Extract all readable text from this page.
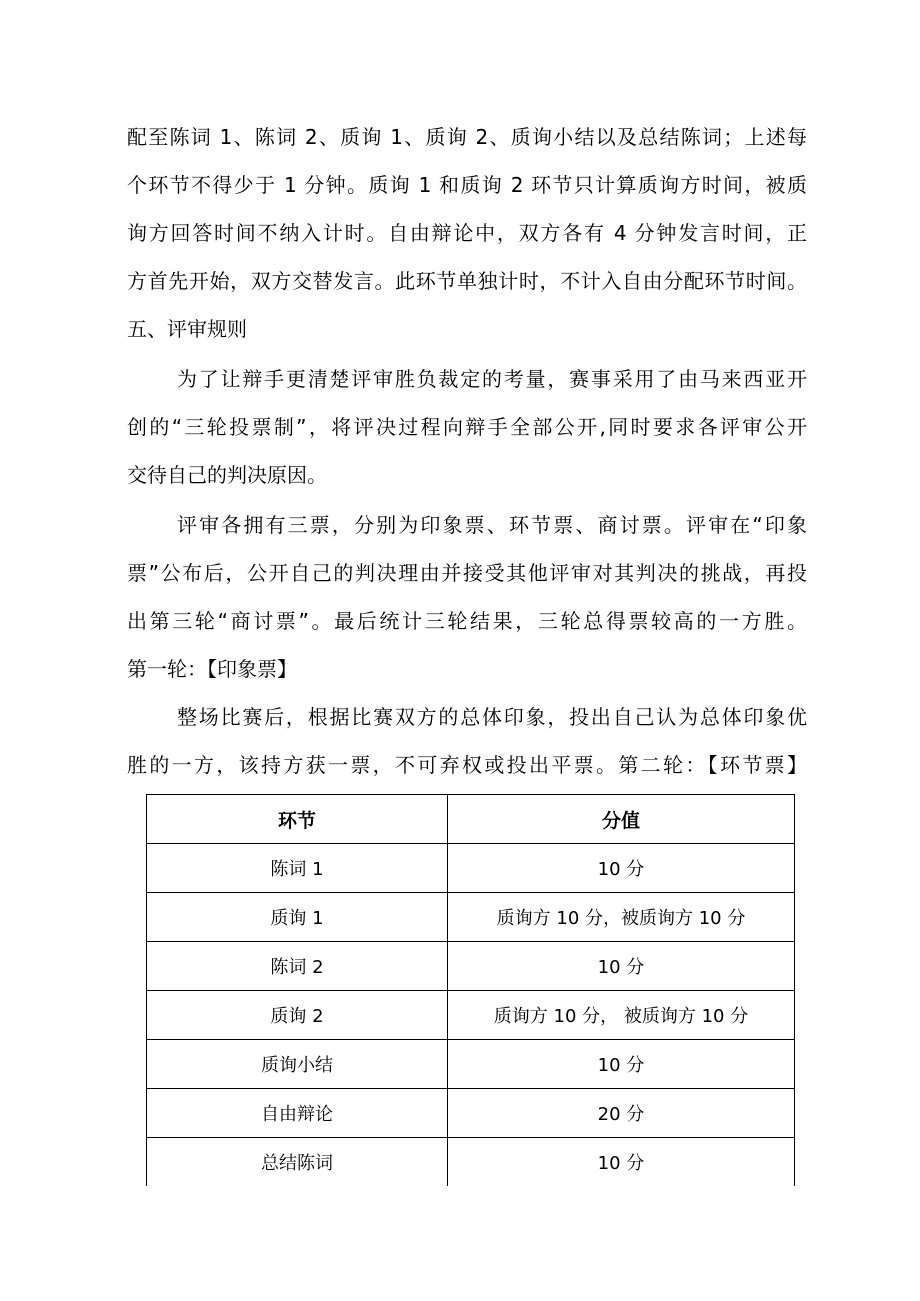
配至陈词 1、陈词 2、质询 1、质询 2、质询小结以及总结陈词；上述每
个环节不得少于 1 分钟。质询 1 和质询 2 环节只计算质询方时间，被质
询方回答时间不纳入计时。自由辩论中，双方各有 4 分钟发言时间，正
方首先开始，双方交替发言。此环节单独计时，不计入自由分配环节时间。
五、评审规则
为了让辩手更清楚评审胜负裁定的考量，赛事采用了由马来西亚开
创的“三轮投票制”，将评决过程向辩手全部公开,同时要求各评审公开
交待自己的判决原因。
评审各拥有三票，分别为印象票、环节票、商讨票。评审在“印象
票”公布后，公开自己的判决理由并接受其他评审对其判决的挑战，再投
出第三轮“商讨票”。最后统计三轮结果，三轮总得票较高的一方胜。
第一轮：【印象票】
整场比赛后，根据比赛双方的总体印象，投出自己认为总体印象优
胜的一方，该持方获一票，不可弃权或投出平票。第二轮：【环节票】
环节	分值
陈词 1	10 分
质询 1	质询方 10 分，被质询方 10 分
陈词 2	10 分
质询 2	质询方 10 分， 被质询方 10 分
质询小结	10 分
自由辩论	20 分
总结陈词	10 分
